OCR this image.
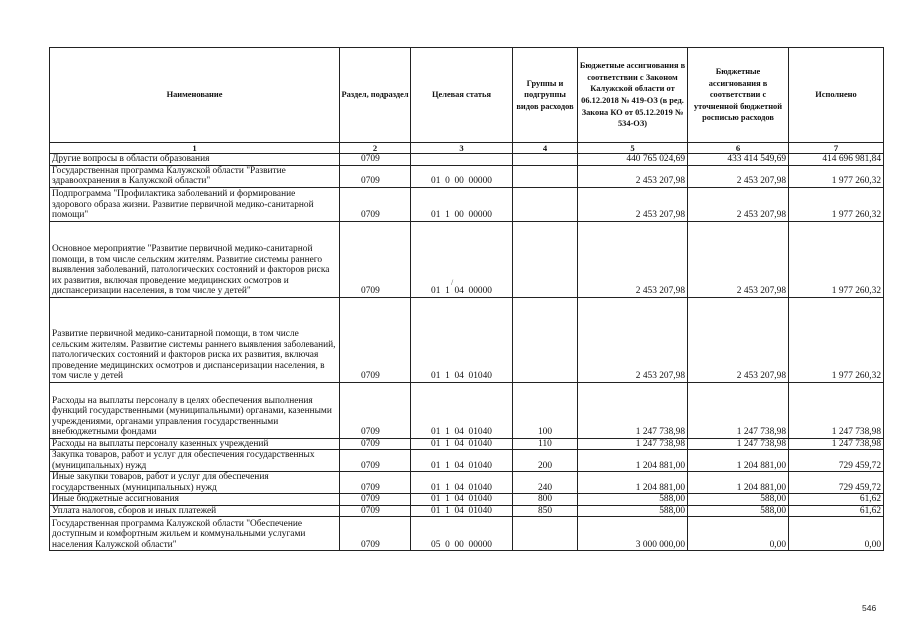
Наименование	Раздел, подраздел	Целевая статья	Группы и подгруппы видов расходов	Бюджетные ассигнования в соответствии с Законом Калужской области от 06.12.2018 № 419-ОЗ (в ред. Закона КО от 05.12.2019 № 534-ОЗ)	Бюджетные ассигнования в соответствии с уточненной бюджетной росписью расходов	Исполнено
1	2	3	4	5	6	7
Другие вопросы в области образования	0709			440 765 024,69	433 414 549,69	414 696 981,84
Государственная программа Калужской области "Развитие здравоохранения в Калужской области"	0709	01  0  00  00000		2 453 207,98	2 453 207,98	1 977 260,32
Подпрограмма "Профилактика заболеваний и формирование здорового образа жизни. Развитие первичной медико-санитарной помощи"	0709	01  1  00  00000		2 453 207,98	2 453 207,98	1 977 260,32
Основное мероприятие "Развитие первичной медико-санитарной помощи, в том числе сельским жителям. Развитие системы раннего выявления заболеваний, патологических состояний и факторов риска их развития, включая проведение медицинских осмотров и диспансеризации населения, в том числе у детей"	0709	01  1  04  00000		2 453 207,98	2 453 207,98	1 977 260,32
Развитие первичной медико-санитарной помощи, в том числе сельским жителям. Развитие системы раннего выявления заболеваний, патологических состояний и факторов риска их развития, включая проведение медицинских осмотров и диспансеризации населения, в том числе у детей	0709	01  1  04  01040		2 453 207,98	2 453 207,98	1 977 260,32
Расходы на выплаты персоналу в целях обеспечения выполнения функций государственными (муниципальными) органами, казенными учреждениями, органами управления государственными внебюджетными фондами	0709	01  1  04  01040	100	1 247 738,98	1 247 738,98	1 247 738,98
Расходы на выплаты персоналу казенных учреждений	0709	01  1  04  01040	110	1 247 738,98	1 247 738,98	1 247 738,98
Закупка товаров, работ и услуг для обеспечения государственных (муниципальных) нужд	0709	01  1  04  01040	200	1 204 881,00	1 204 881,00	729 459,72
Иные закупки товаров, работ и услуг для обеспечения государственных (муниципальных) нужд	0709	01  1  04  01040	240	1 204 881,00	1 204 881,00	729 459,72
Иные бюджетные ассигнования	0709	01  1  04  01040	800	588,00	588,00	61,62
Уплата налогов, сборов и иных платежей	0709	01  1  04  01040	850	588,00	588,00	61,62
Государственная программа Калужской области "Обеспечение доступным и комфортным жильем и коммунальными услугами населения Калужской области"	0709	05  0  00  00000		3 000 000,00	0,00	0,00
/
546
